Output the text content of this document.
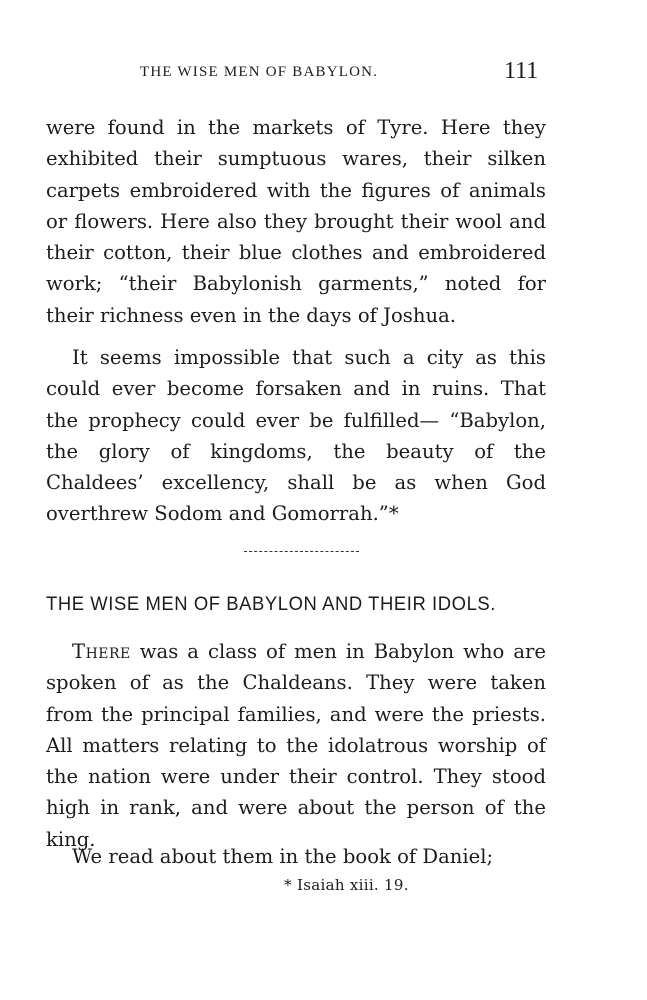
THE WISE MEN OF BABYLON.	111

were found in the markets of Tyre. Here they exhibited their sumptuous wares, their silken carpets embroidered with the figures of animals or flowers. Here also they brought their wool and their cotton, their blue clothes and embroidered work; “their Babylonish garments,” noted for their richness even in the days of Joshua.

It seems impossible that such a city as this could ever become forsaken and in ruins. That the prophecy could ever be fulfilled— “Babylon, the glory of kingdoms, the beauty of the Chaldees’ excellency, shall be as when God overthrew Sodom and Gomorrah.”*

THE WISE MEN OF BABYLON AND THEIR IDOLS.

There was a class of men in Babylon who are spoken of as the Chaldeans. They were taken from the principal families, and were the priests. All matters relating to the idolatrous worship of the nation were under their control. They stood high in rank, and were about the person of the king.

We read about them in the book of Daniel;

* Isaiah xiii. 19.
